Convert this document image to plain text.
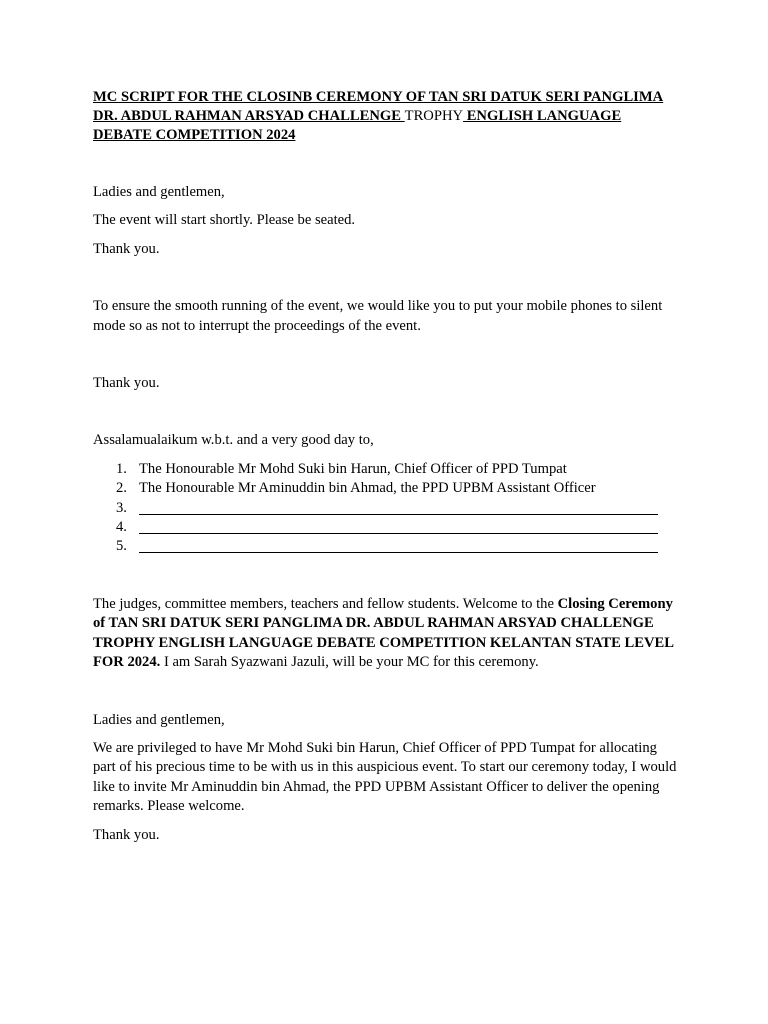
MC SCRIPT FOR THE CLOSINB CEREMONY OF TAN SRI DATUK SERI PANGLIMA DR. ABDUL RAHMAN ARSYAD CHALLENGE TROPHY ENGLISH LANGUAGE DEBATE COMPETITION 2024

Ladies and gentlemen,

The event will start shortly. Please be seated.

Thank you.

To ensure the smooth running of the event, we would like you to put your mobile phones to silent mode so as not to interrupt the proceedings of the event.

Thank you.

Assalamualaikum w.b.t. and a very good day to,

1. The Honourable Mr Mohd Suki bin Harun, Chief Officer of PPD Tumpat
2. The Honourable Mr Aminuddin bin Ahmad, the PPD UPBM Assistant Officer
3.
4.
5.

The judges, committee members, teachers and fellow students. Welcome to the Closing Ceremony of TAN SRI DATUK SERI PANGLIMA DR. ABDUL RAHMAN ARSYAD CHALLENGE TROPHY ENGLISH LANGUAGE DEBATE COMPETITION KELANTAN STATE LEVEL FOR 2024. I am Sarah Syazwani Jazuli, will be your MC for this ceremony.

Ladies and gentlemen,

We are privileged to have Mr Mohd Suki bin Harun, Chief Officer of PPD Tumpat for allocating part of his precious time to be with us in this auspicious event. To start our ceremony today, I would like to invite Mr Aminuddin bin Ahmad, the PPD UPBM Assistant Officer to deliver the opening remarks. Please welcome.

Thank you.
